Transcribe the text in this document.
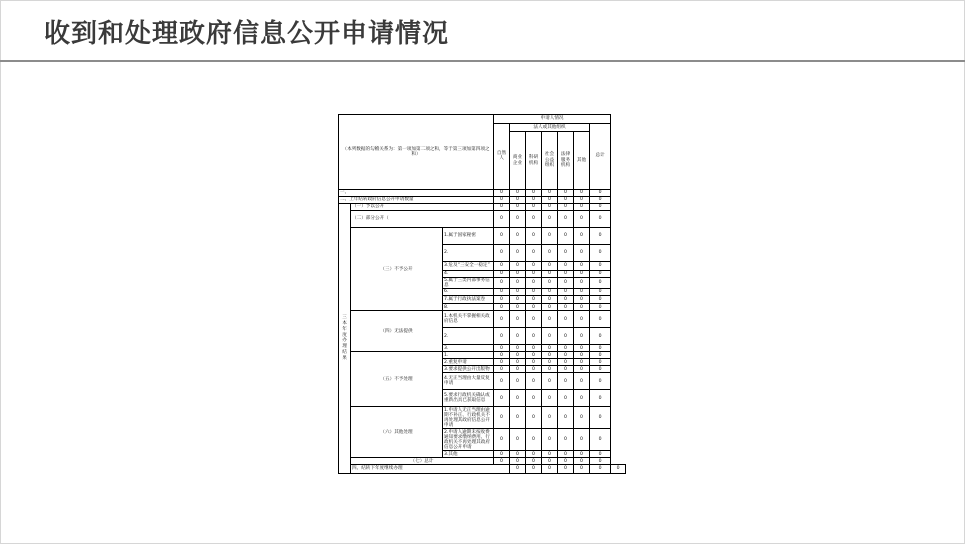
收到和处理政府信息公开申请情况
（本列数据的勾稽关系为：第一项加第二项之和，等于第三项加第四项之和）			申请人情况							
			自然人	法人或其他组织					总计	
				商业企业	科研机构	社会公益组织	法律服务机构	其他		
一、			0	0	0	0	0	0	0	
二、上年结转政府信息公开申请数量			0	0	0	0	0	0	0	
三本年度办理结果	（一）予以公开		0	0	0	0	0	0	0	
	（二）部分公开（		0	0	0	0	0	0	0	
	（三）不予公开	1.属于国家秘密	0	0	0	0	0	0	0	
		2.	0	0	0	0	0	0	0	
		3.危及“三安全一稳定”	0	0	0	0	0	0	0	
		4.	0	0	0	0	0	0	0	
		5.属于三类内部事务信息	0	0	0	0	0	0	0	
		6.	0	0	0	0	0	0	0	
		7.属于行政执法案卷	0	0	0	0	0	0	0	
		8.	0	0	0	0	0	0	0	
	（四）无法提供	1.本机关不掌握相关政府信息	0	0	0	0	0	0	0	
		2.	0	0	0	0	0	0	0	
		3.	0	0	0	0	0	0	0	
	（五）不予处理	1.	0	0	0	0	0	0	0	
		2.重复申请	0	0	0	0	0	0	0	
		3.要求提供公开出版物	0	0	0	0	0	0	0	
		4.无正当理由大量反复申请	0	0	0	0	0	0	0	
		5.要求行政机关确认或重新出具已获取信息	0	0	0	0	0	0	0	
	（六）其他处理	1.申请人无正当理由逾期不补正、行政机关不再处理其政府信息公开申请	0	0	0	0	0	0	0	
		2.申请人逾期未按收费通知要求缴纳费用、行政机关不再处理其政府信息公开申请	0	0	0	0	0	0	0	
		3.其他	0	0	0	0	0	0	0	
	（七）总计		0	0	0	0	0	0	0	
	四、结转下年度继续办理			0	0	0	0	0	0	0
